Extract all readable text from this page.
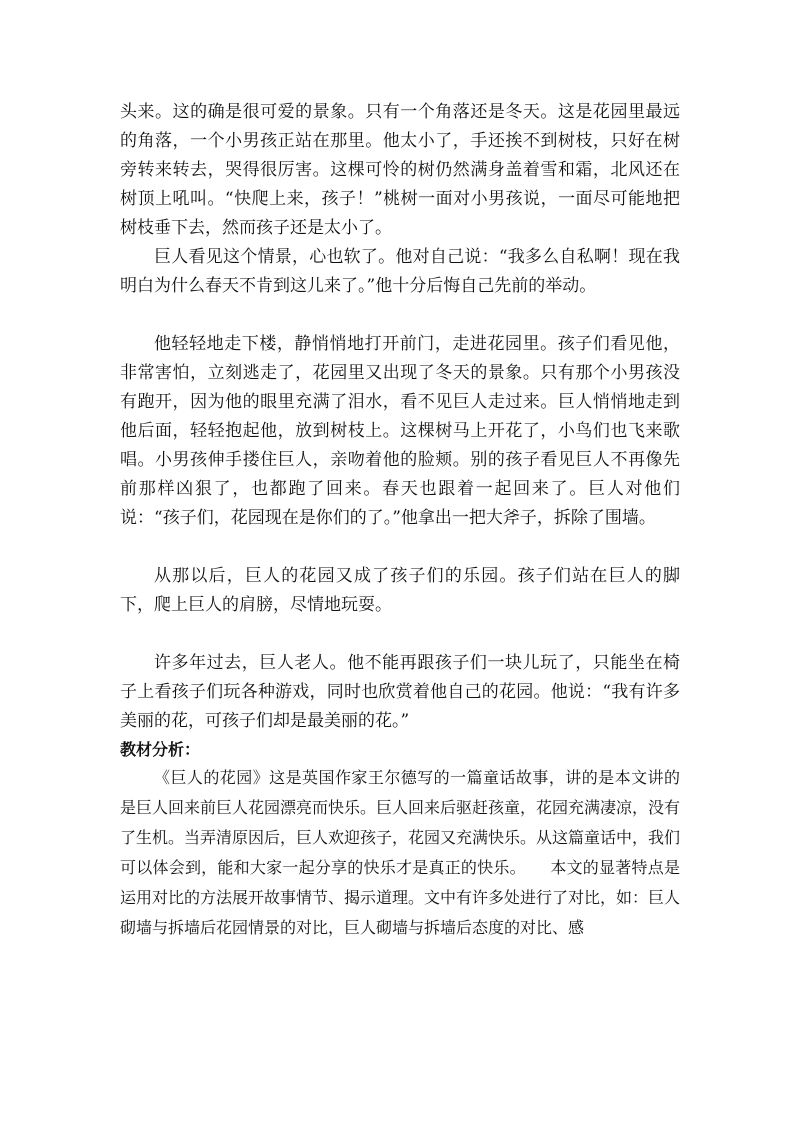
头来。这的确是很可爱的景象。只有一个角落还是冬天。这是花园里最远的角落，一个小男孩正站在那里。他太小了，手还挨不到树枝，只好在树旁转来转去，哭得很厉害。这棵可怜的树仍然满身盖着雪和霜，北风还在树顶上吼叫。“快爬上来，孩子！”桃树一面对小男孩说，一面尽可能地把树枝垂下去，然而孩子还是太小了。

巨人看见这个情景，心也软了。他对自己说：“我多么自私啊！现在我明白为什么春天不肯到这儿来了。”他十分后悔自己先前的举动。

他轻轻地走下楼，静悄悄地打开前门，走进花园里。孩子们看见他，非常害怕，立刻逃走了，花园里又出现了冬天的景象。只有那个小男孩没有跑开，因为他的眼里充满了泪水，看不见巨人走过来。巨人悄悄地走到他后面，轻轻抱起他，放到树枝上。这棵树马上开花了，小鸟们也飞来歌唱。小男孩伸手搂住巨人，亲吻着他的脸颊。别的孩子看见巨人不再像先前那样凶狠了，也都跑了回来。春天也跟着一起回来了。巨人对他们说：“孩子们，花园现在是你们的了。”他拿出一把大斧子，拆除了围墙。

从那以后，巨人的花园又成了孩子们的乐园。孩子们站在巨人的脚下，爬上巨人的肩膀，尽情地玩耍。

许多年过去，巨人老人。他不能再跟孩子们一块儿玩了，只能坐在椅子上看孩子们玩各种游戏，同时也欣赏着他自己的花园。他说：“我有许多美丽的花，可孩子们却是最美丽的花。”

教材分析：

《巨人的花园》这是英国作家王尔德写的一篇童话故事，讲的是本文讲的是巨人回来前巨人花园漂亮而快乐。巨人回来后驱赶孩童，花园充满凄凉，没有了生机。当弄清原因后，巨人欢迎孩子，花园又充满快乐。从这篇童话中，我们可以体会到，能和大家一起分享的快乐才是真正的快乐。　　本文的显著特点是运用对比的方法展开故事情节、揭示道理。文中有许多处进行了对比，如：巨人砌墙与拆墙后花园情景的对比，巨人砌墙与拆墙后态度的对比、感
